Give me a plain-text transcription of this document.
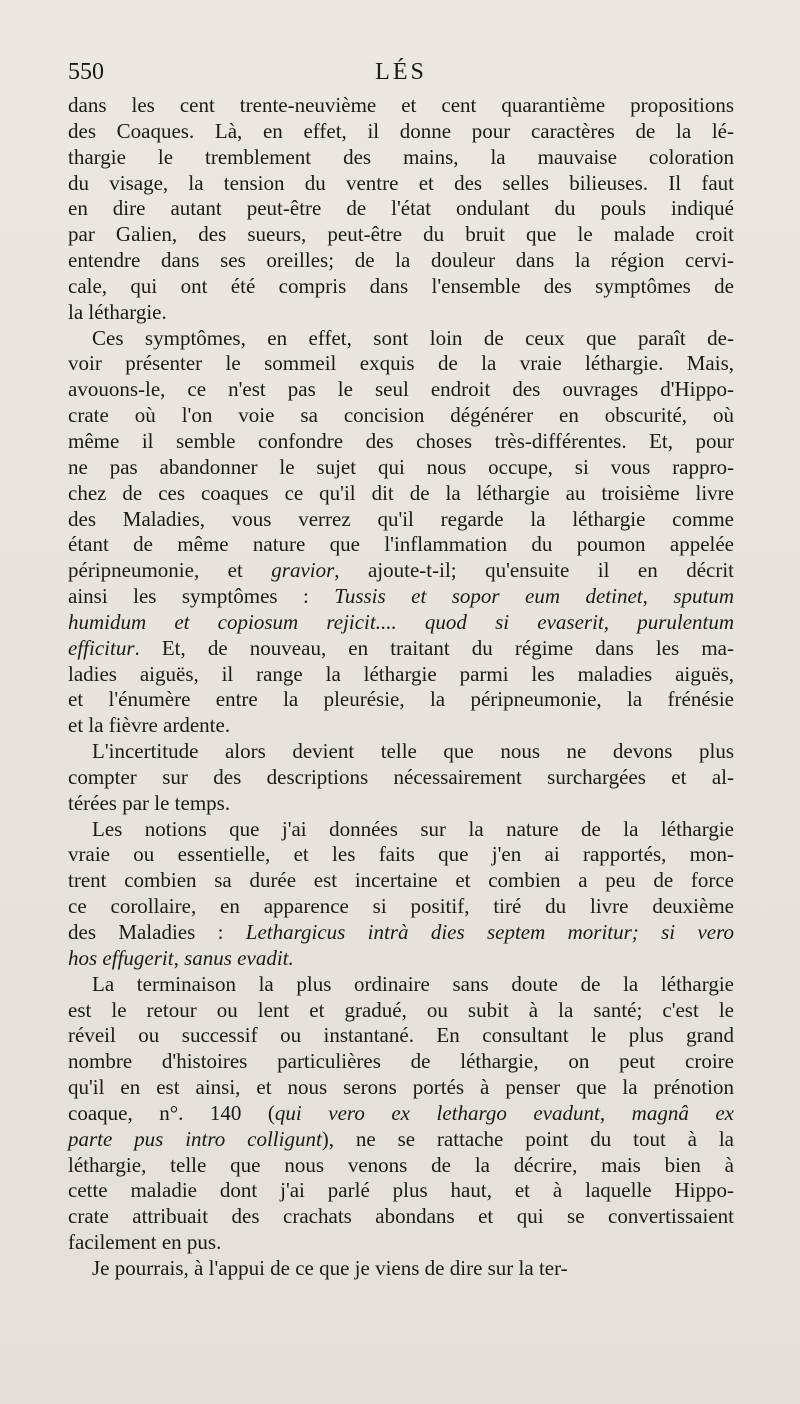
550	LÉS
dans les cent trente-neuvième et cent quarantième propositions
des Coaques. Là, en effet, il donne pour caractères de la lé-
thargie le tremblement des mains, la mauvaise coloration
du visage, la tension du ventre et des selles bilieuses. Il faut
en dire autant peut-être de l'état ondulant du pouls indiqué
par Galien, des sueurs, peut-être du bruit que le malade croit
entendre dans ses oreilles; de la douleur dans la région cervi-
cale, qui ont été compris dans l'ensemble des symptômes de
la léthargie.
Ces symptômes, en effet, sont loin de ceux que paraît de-
voir présenter le sommeil exquis de la vraie léthargie. Mais,
avouons-le, ce n'est pas le seul endroit des ouvrages d'Hippo-
crate où l'on voie sa concision dégénérer en obscurité, où
même il semble confondre des choses très-différentes. Et, pour
ne pas abandonner le sujet qui nous occupe, si vous rappro-
chez de ces coaques ce qu'il dit de la léthargie au troisième livre
des Maladies, vous verrez qu'il regarde la léthargie comme
étant de même nature que l'inflammation du poumon appelée
péripneumonie, et gravior, ajoute-t-il; qu'ensuite il en décrit
ainsi les symptômes : Tussis et sopor eum detinet, sputum
humidum et copiosum rejicit.... quod si evaserit, purulentum
efficitur. Et, de nouveau, en traitant du régime dans les ma-
ladies aiguës, il range la léthargie parmi les maladies aiguës,
et l'énumère entre la pleurésie, la péripneumonie, la frénésie
et la fièvre ardente.
L'incertitude alors devient telle que nous ne devons plus
compter sur des descriptions nécessairement surchargées et al-
térées par le temps.
Les notions que j'ai données sur la nature de la léthargie
vraie ou essentielle, et les faits que j'en ai rapportés, mon-
trent combien sa durée est incertaine et combien a peu de force
ce corollaire, en apparence si positif, tiré du livre deuxième
des Maladies : Lethargicus intrà dies septem moritur; si vero
hos effugerit, sanus evadit.
La terminaison la plus ordinaire sans doute de la léthargie
est le retour ou lent et gradué, ou subit à la santé; c'est le
réveil ou successif ou instantané. En consultant le plus grand
nombre d'histoires particulières de léthargie, on peut croire
qu'il en est ainsi, et nous serons portés à penser que la prénotion
coaque, n°. 140 (qui vero ex lethargo evadunt, magnâ ex
parte pus intro colligunt), ne se rattache point du tout à la
léthargie, telle que nous venons de la décrire, mais bien à
cette maladie dont j'ai parlé plus haut, et à laquelle Hippo-
crate attribuait des crachats abondans et qui se convertissaient
facilement en pus.
Je pourrais, à l'appui de ce que je viens de dire sur la ter-
